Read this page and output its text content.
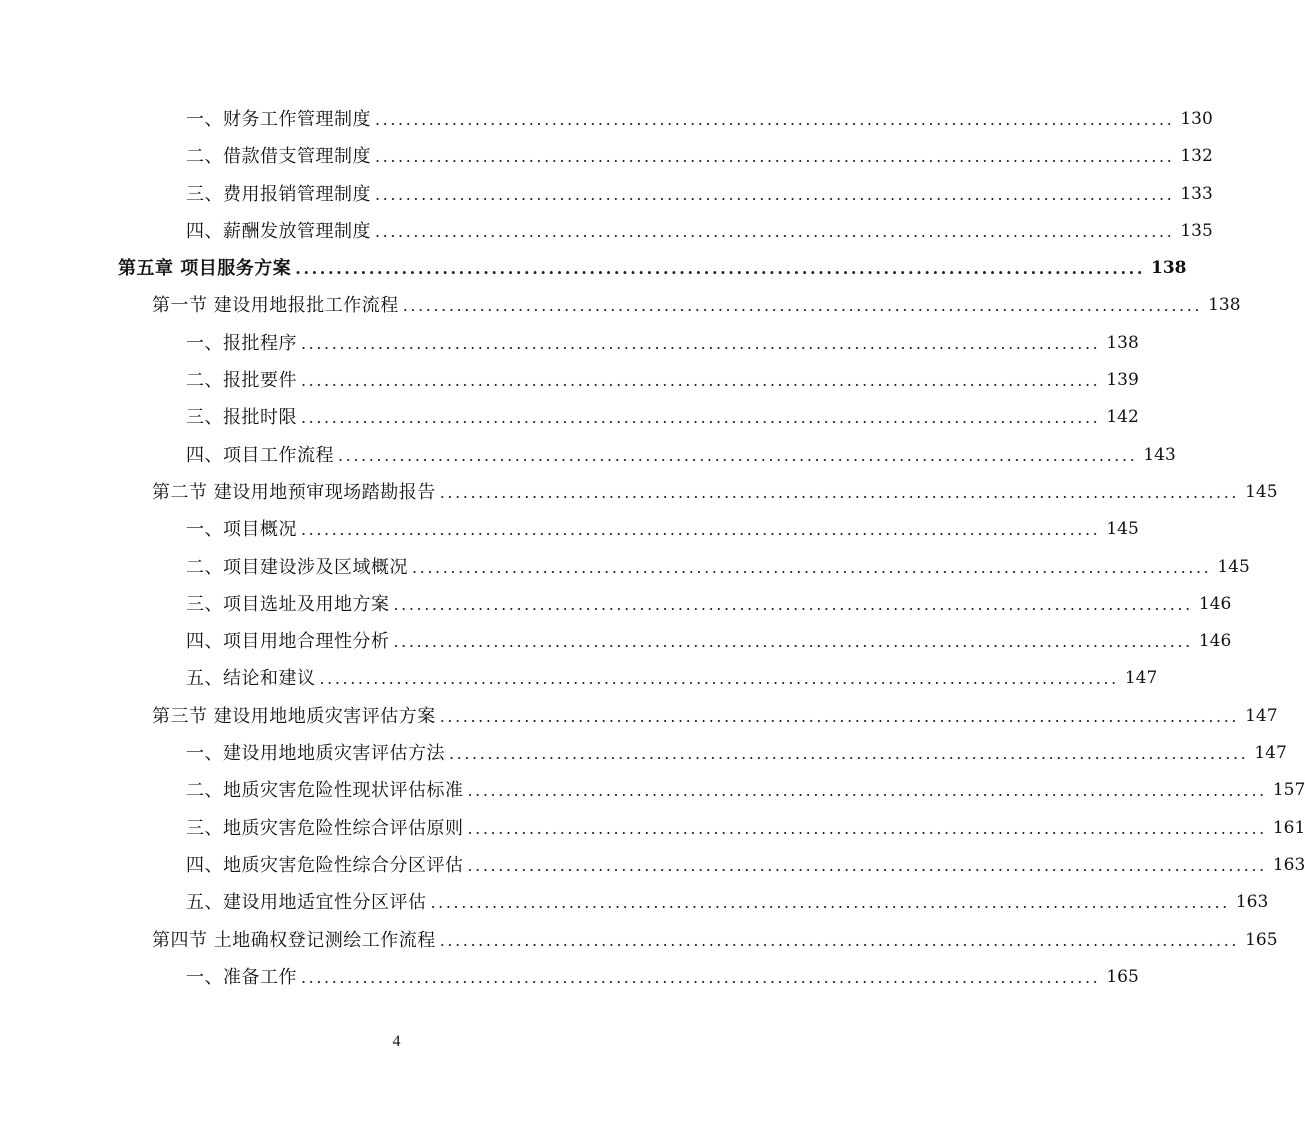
一、财务工作管理制度 ........................................................................................................ 130
二、借款借支管理制度 ........................................................................................................ 132
三、费用报销管理制度 ........................................................................................................ 133
四、薪酬发放管理制度 ........................................................................................................ 135
第五章 项目服务方案 ........................................................................................................ 138
第一节 建设用地报批工作流程 ........................................................................................................ 138
一、报批程序 ........................................................................................................ 138
二、报批要件 ........................................................................................................ 139
三、报批时限 ........................................................................................................ 142
四、项目工作流程 ........................................................................................................ 143
第二节 建设用地预审现场踏勘报告 ........................................................................................................ 145
一、项目概况 ........................................................................................................ 145
二、项目建设涉及区域概况 ........................................................................................................ 145
三、项目选址及用地方案 ........................................................................................................ 146
四、项目用地合理性分析 ........................................................................................................ 146
五、结论和建议 ........................................................................................................ 147
第三节 建设用地地质灾害评估方案 ........................................................................................................ 147
一、建设用地地质灾害评估方法 ........................................................................................................ 147
二、地质灾害危险性现状评估标准 ........................................................................................................ 157
三、地质灾害危险性综合评估原则 ........................................................................................................ 161
四、地质灾害危险性综合分区评估 ........................................................................................................ 163
五、建设用地适宜性分区评估 ........................................................................................................ 163
第四节 土地确权登记测绘工作流程 ........................................................................................................ 165
一、准备工作 ........................................................................................................ 165
4
